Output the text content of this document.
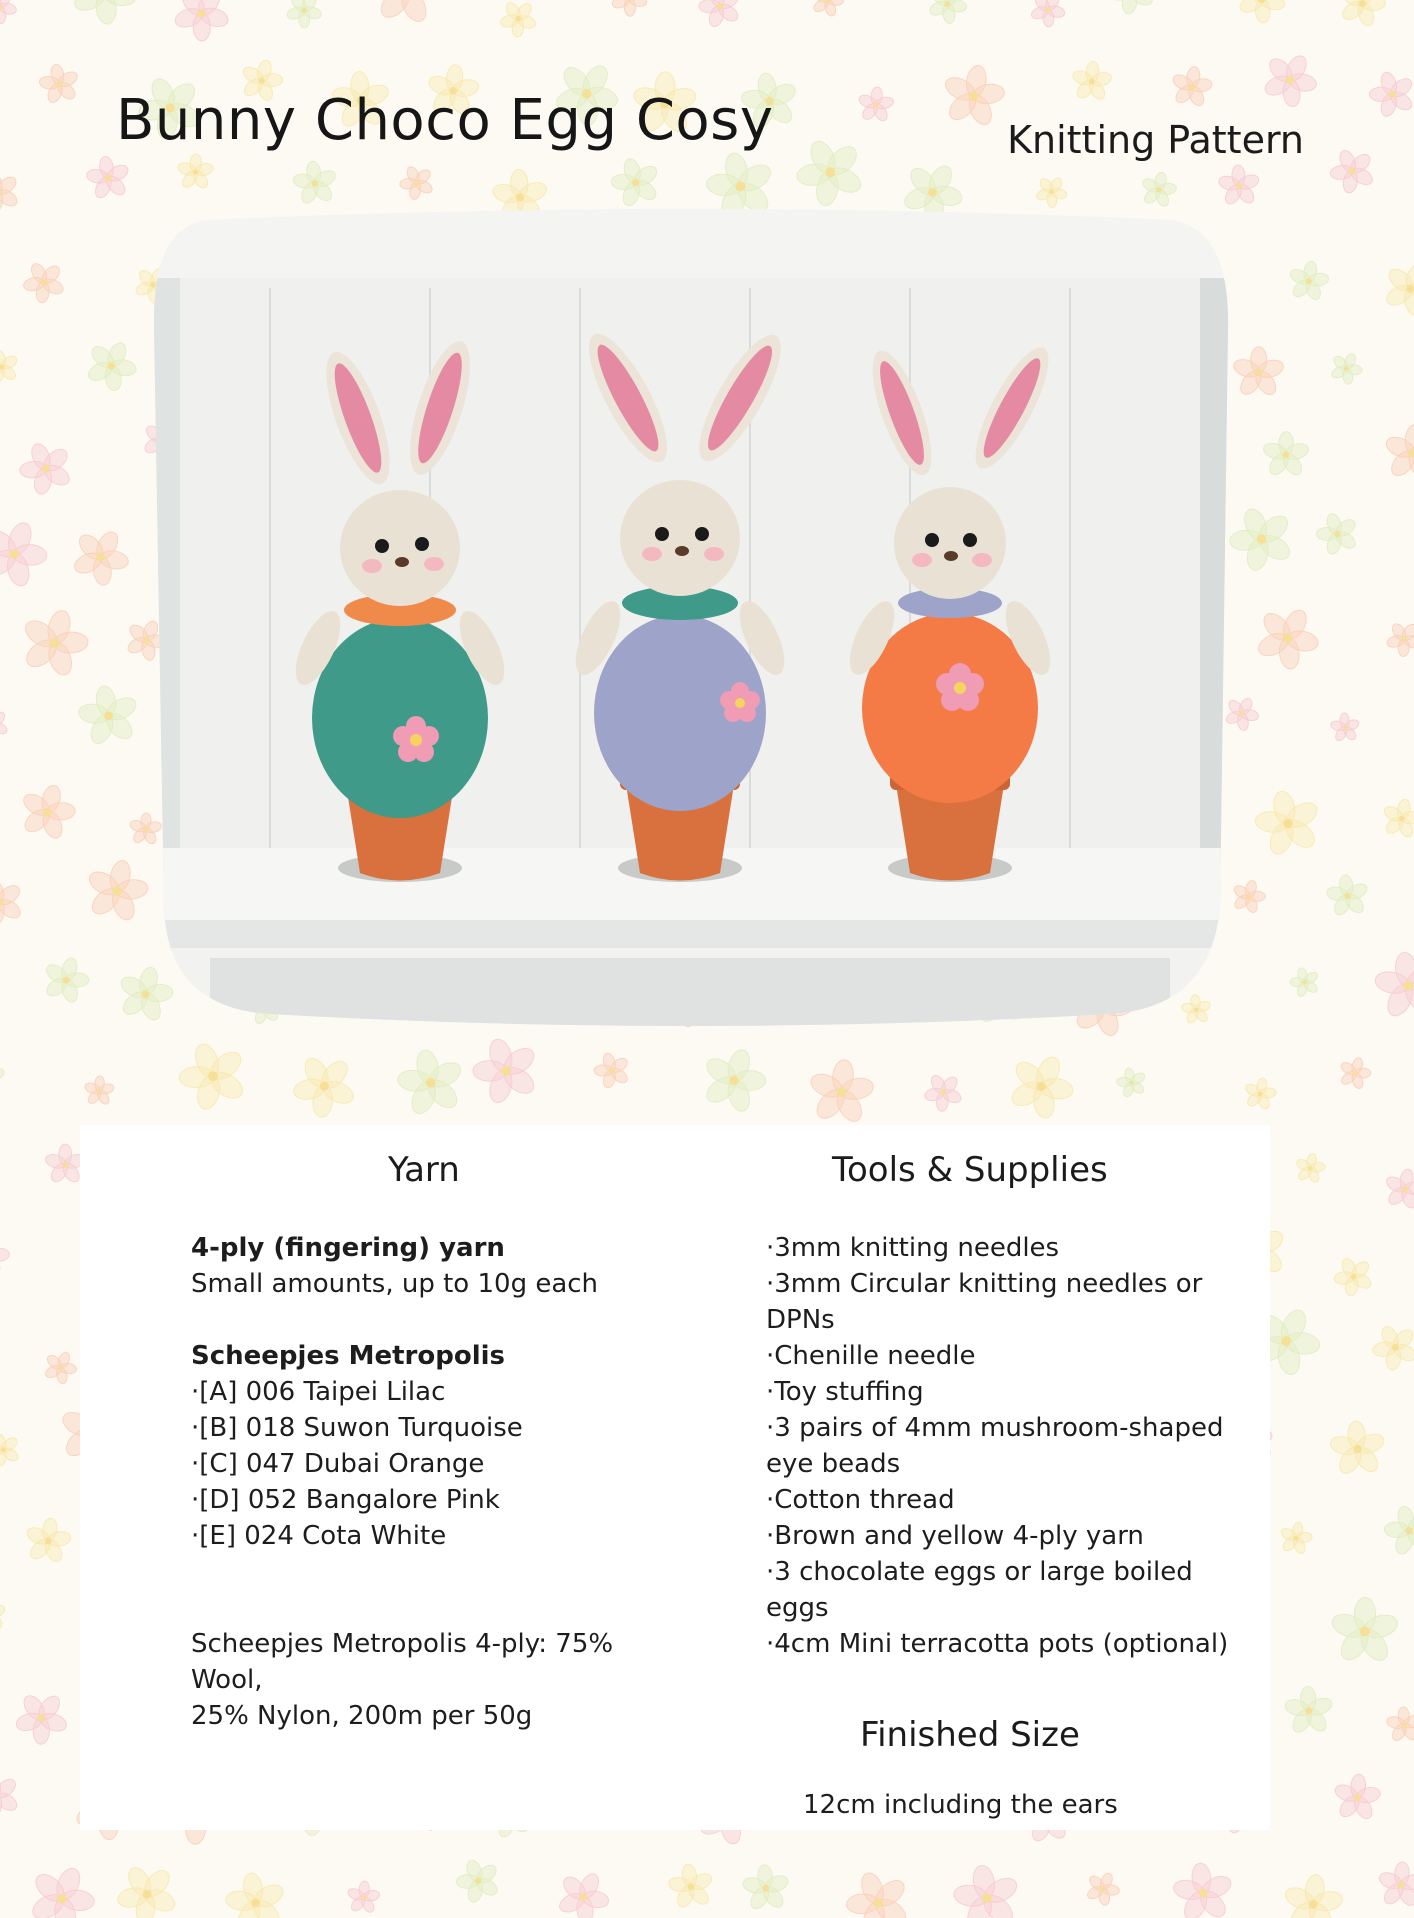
Bunny Choco Egg Cosy	Knitting Pattern
Yarn	Tools & Supplies
4-ply (fingering) yarn
Small amounts, up to 10g each
Scheepjes Metropolis
·[A] 006 Taipei Lilac
·[B] 018 Suwon Turquoise
·[C] 047 Dubai Orange
·[D] 052 Bangalore Pink
·[E] 024 Cota White
Scheepjes Metropolis 4-ply: 75% Wool,
25% Nylon, 200m per 50g
·3mm knitting needles
·3mm Circular knitting needles or
DPNs
·Chenille needle
·Toy stuffing
·3 pairs of 4mm mushroom-shaped
eye beads
·Cotton thread
·Brown and yellow 4-ply yarn
·3 chocolate eggs or large boiled
eggs
·4cm Mini terracotta pots (optional)
Finished Size
12cm including the ears
